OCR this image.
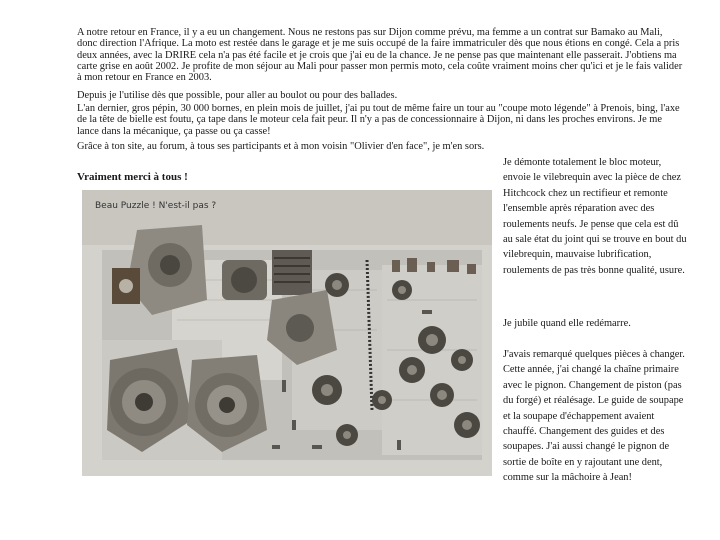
A notre retour en France, il y a eu un changement. Nous ne restons pas sur Dijon comme prévu, ma femme a un contrat sur Bamako au Mali, donc direction l'Afrique. La moto est restée dans le garage et je me suis occupé de la faire immatriculer dès que nous étions en congé. Cela a pris deux années, avec la DRIRE cela n'a pas été facile et je crois que j'ai eu de la chance. Je ne pense pas que maintenant elle passerait. J'obtiens ma carte grise en août 2002. Je profite de mon séjour au Mali pour passer mon permis moto, cela coûte vraiment moins cher qu'ici et je le fais valider à mon retour en France en 2003.
Depuis je l'utilise dès que possible, pour aller au boulot ou pour des ballades.
L'an dernier, gros pépin, 30 000 bornes, en plein mois de juillet, j'ai pu tout de même faire un tour au "coupe moto légende" à Prenois, bing, l'axe de la tête de bielle est foutu, ça tape dans le moteur cela fait peur. Il n'y a pas de concessionnaire à Dijon, ni dans les proches environs. Je me lance dans la mécanique, ça passe ou ça casse!
Grâce à ton site, au forum, à tous ses participants et à mon voisin "Olivier d'en face", je m'en sors.
Vraiment merci à tous !
Je démonte totalement le bloc moteur, envoie le vilebrequin avec la pièce de chez Hitchcock chez un rectifieur et remonte l'ensemble après réparation avec des roulements neufs. Je pense que cela est dû au sale état du joint qui se trouve en bout du vilebrequin, mauvaise lubrification, roulements de pas très bonne qualité, usure.
Je jubile quand elle redémarre.
J'avais remarqué quelques pièces à changer. Cette année, j'ai changé la chaîne primaire avec le pignon. Changement de piston (pas du forgé) et réalésage. Le guide de soupape et la soupape d'échappement avaient chauffé. Changement des guides et des soupapes. J'ai aussi changé le pignon de sortie de boîte en y rajoutant une dent, comme sur la mâchoire à Jean!
Beau Puzzle ! N'est-il pas ?
